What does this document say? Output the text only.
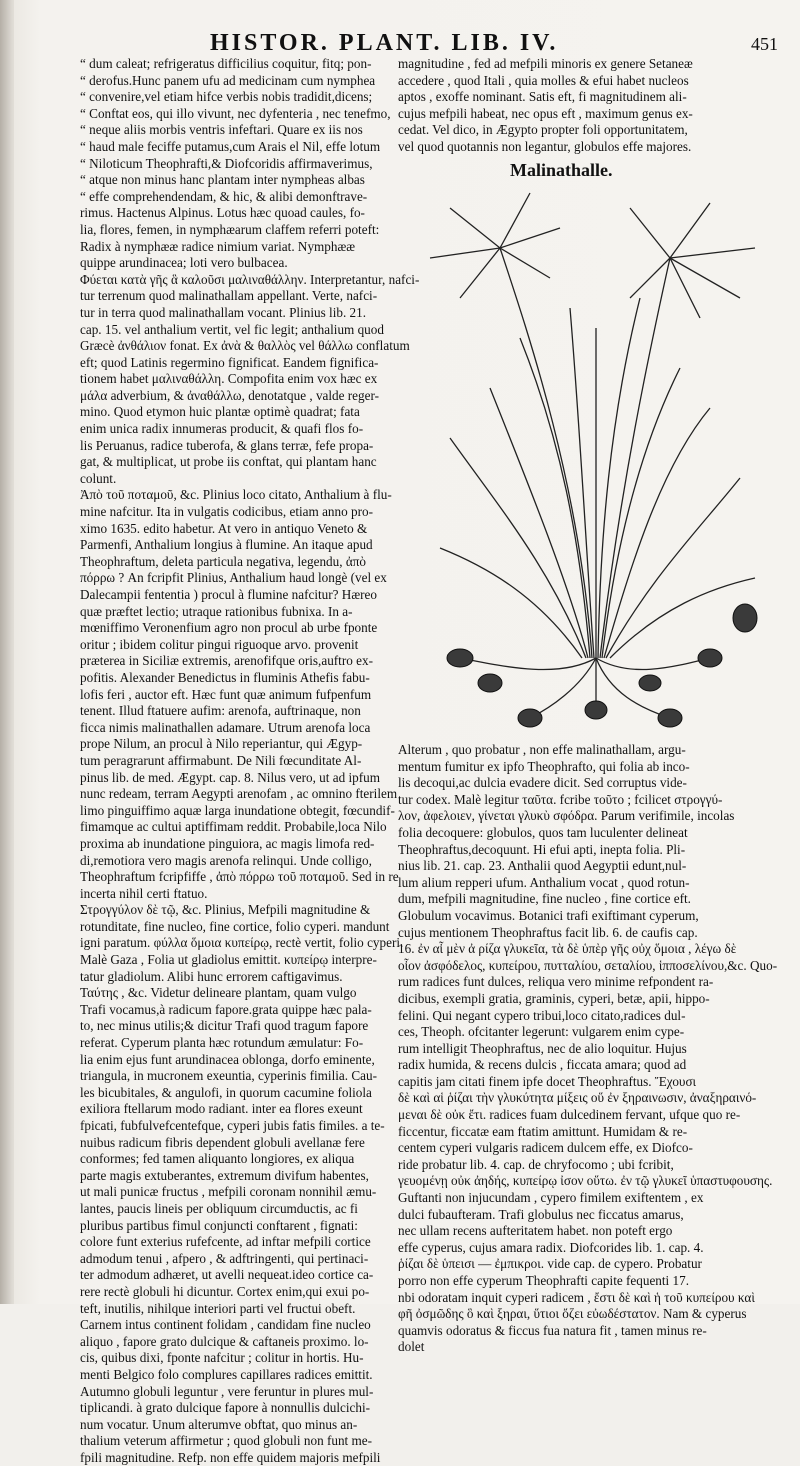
HISTOR. PLANT. LIB. IV.	451
“ dum caleat; refrigeratus difficilius coquitur, fitq; pon-
“ derofus.Hunc panem ufu ad medicinam cum nymphea
“ convenire,vel etiam hifce verbis nobis tradidit,dicens;
“ Conftat eos, qui illo vivunt, nec dyfenteria , nec tenefmo,
“ neque aliis morbis ventris infeftari. Quare ex iis nos
“ haud male feciffe putamus,cum Arais el Nil, effe lotum
“ Niloticum Theophrafti,& Diofcoridis affirmaverimus,
“ atque non minus hanc plantam inter nympheas albas
“ effe comprehendendam, & hic, & alibi demonftrave-
rimus. Hactenus Alpinus. Lotus hæc quoad caules, fo-
lia, flores, femen, in nymphæarum claffem referri poteft:
Radix à nymphææ radice nimium variat. Nymphææ
quippe arundinacea; loti vero bulbacea.
Φύεται κατὰ γῆς ἃ καλοῦσι μαλιναθάλλην. Interpretantur, nafci-
tur terrenum quod malinathallam appellant. Verte, nafci-
tur in terra quod malinathallam vocant. Plinius lib. 21.
cap. 15. vel anthalium vertit, vel fic legit; anthalium quod
Græcè ἀνθάλιον fonat. Ex ἀνὰ & θαλλὸς vel θάλλω conflatum
eft; quod Latinis regermino fignificat. Eandem fignifica-
tionem habet μαλιναθάλλη. Compofita enim vox hæc ex
μάλα adverbium, & ἀναθάλλω, denotatque , valde reger-
mino. Quod etymon huic plantæ optimè quadrat; fata
enim unica radix innumeras producit, & quafi flos fo-
lis Peruanus, radice tuberofa, & glans terræ, fefe propa-
gat, & multiplicat, ut probe iis conftat, qui plantam hanc
colunt.
Ἀπὸ τοῦ ποταμοῦ, &c. Plinius loco citato, Anthalium à flu-
mine nafcitur. Ita in vulgatis codicibus, etiam anno pro-
ximo 1635. edito habetur. At vero in antiquo Veneto &
Parmenfi, Anthalium longius à flumine. An itaque apud
Theophraftum, deleta particula negativa, legendu, ἀπὸ
πόρρω ? An fcripfit Plinius, Anthalium haud longè (vel ex
Dalecampii fententia ) procul à flumine nafcitur? Hæreo
quæ præftet lectio; utraque rationibus fubnixa. In a-
mœniffimo Veronenfium agro non procul ab urbe fponte
oritur ; ibidem colitur pingui riguoque arvo. provenit
præterea in Siciliæ extremis, arenofifque oris,auftro ex-
pofitis. Alexander Benedictus in fluminis Athefis fabu-
lofis feri , auctor eft. Hæc funt quæ animum fufpenfum
tenent. Illud ftatuere aufim: arenofa, auftrinaque, non
ficca nimis malinathallen adamare. Utrum arenofa loca
prope Nilum, an procul à Nilo reperiantur, qui Ægyp-
tum peragrarunt affirmabunt. De Nili fœcunditate Al-
pinus lib. de med. Ægypt. cap. 8. Nilus vero, ut ad ipfum
nunc redeam, terram Aegypti arenofam , ac omnino fterilem
limo pinguiffimo aquæ larga inundatione obtegit, fœcundif-
fimamque ac cultui aptiffimam reddit. Probabile,loca Nilo
proxima ab inundatione pinguiora, ac magis limofa red-
di,remotiora vero magis arenofa relinqui. Unde colligo,
Theophraftum fcripfiffe , ἀπὸ πόρρω τοῦ ποταμοῦ. Sed in re
incerta nihil certi ftatuo.
Στρογγύλον δὲ τῷ, &c. Plinius, Mefpili magnitudine &
rotunditate, fine nucleo, fine cortice, folio cyperi. mandunt
igni paratum. φύλλα ὅμοια κυπείρῳ, rectè vertit, folio cyperi.
Malè Gaza , Folia ut gladiolus emittit. κυπείρῳ interpre-
tatur gladiolum. Alibi hunc errorem caftigavimus.
Ταύτης , &c. Videtur delineare plantam, quam vulgo
Trafi vocamus,à radicum fapore.grata quippe hæc pala-
to, nec minus utilis;& dicitur Trafi quod tragum fapore
referat. Cyperum planta hæc rotundum æmulatur: Fo-
lia enim ejus funt arundinacea oblonga, dorfo eminente,
triangula, in mucronem exeuntia, cyperinis fimilia. Cau-
les bicubitales, & angulofi, in quorum cacumine foliola
exiliora ftellarum modo radiant. inter ea flores exeunt
fpicati, fubfulvefcentefque, cyperi jubis fatis fimiles. a te-
nuibus radicum fibris dependent globuli avellanæ fere
conformes; fed tamen aliquanto longiores, ex aliqua
parte magis extuberantes, extremum divifum habentes,
ut mali punicæ fructus , mefpili coronam nonnihil æmu-
lantes, paucis lineis per obliquum circumductis, ac fi
pluribus partibus fimul conjuncti conftarent , fignati:
colore funt exterius rufefcente, ad inftar mefpili cortice
admodum tenui , afpero , & adftringenti, qui pertinaci-
ter admodum adhæret, ut avelli nequeat.ideo cortice ca-
rere rectè globuli hi dicuntur. Cortex enim,qui exui po-
teft, inutilis, nihilque interiori parti vel fructui obeft.
Carnem intus continent folidam , candidam fine nucleo
aliquo , fapore grato dulcique & caftaneis proximo. lo-
cis, quibus dixi, fponte nafcitur ; colitur in hortis. Hu-
menti Belgico folo complures capillares radices emittit.
Autumno globuli leguntur , vere feruntur in plures mul-
tiplicandi. à grato dulcique fapore à nonnullis dulcichi-
num vocatur. Unum alterumve obftat, quo minus an-
thalium veterum affirmetur ; quod globuli non funt me-
fpili magnitudine. Refp. non effe quidem majoris mefpili
magnitudine , fed ad mefpili minoris ex genere Setaneæ
accedere , quod Itali , quia molles & efui habet nucleos
aptos , exoffe nominant. Satis eft, fi magnitudinem ali-
cujus mefpili habeat, nec opus eft , maximum genus ex-
cedat. Vel dico, in Ægypto propter foli opportunitatem,
vel quod quotannis non legantur, globulos effe majores.
Malinathalle.
Alterum , quo probatur , non effe malinathallam, argu-
mentum fumitur ex ipfo Theophrafto, qui folia ab inco-
lis decoqui,ac dulcia evadere dicit. Sed corruptus vide-
tur codex. Malè legitur ταῦτα. fcribe τοῦτο ; fcilicet στρογγύ-
λον, ἀφελοιεν, γίνεται γλυκὺ σφόδρα. Parum verifimile, incolas
folia decoquere: globulos, quos tam luculenter delineat
Theophraftus,decoquunt. Hi efui apti, inepta folia. Pli-
nius lib. 21. cap. 23. Anthalii quod Aegyptii edunt,nul-
lum alium repperi ufum. Anthalium vocat , quod rotun-
dum, mefpili magnitudine, fine nucleo , fine cortice eft.
Globulum vocavimus. Botanici trafi exiftimant cyperum,
cujus mentionem Theophraftus facit lib. 6. de caufis cap.
16. ἐν αἷ μὲν ἀ ρίζα γλυκεῖα, τὰ δὲ ὑπὲρ γῆς οὐχ ὅμοια , λέγω δὲ
οἷον ἀσφόδελος, κυπείρου, πυτταλίου, σεταλίου, ἱπποσελίνου,&c. Quo-
rum radices funt dulces, reliqua vero minime refpondent ra-
dicibus, exempli gratia, graminis, cyperi, betæ, apii, hippo-
felini. Qui negant cypero tribui,loco citato,radices dul-
ces, Theoph. ofcitanter legerunt: vulgarem enim cype-
rum intelligit Theophraftus, nec de alio loquitur. Hujus
radix humida, & recens dulcis , ficcata amara; quod ad
capitis jam citati finem ipfe docet Theophraftus. Ἔχουσι
δὲ καὶ αἱ ῥίζαι τὴν γλυκύτητα μίξεις οὕ ἐν ξηραινωσιν, ἀναξηραινό-
μεναι δὲ οὐκ ἔτι. radices fuam dulcedinem fervant, ufque quo re-
ficcentur, ficcatæ eam ftatim amittunt. Humidam & re-
centem cyperi vulgaris radicem dulcem effe, ex Diofco-
ride probatur lib. 4. cap. de chryfocomo ; ubi fcribit,
γευομένῃ οὐκ ἀηδής, κυπείρῳ ἰσον οὕτω. ἐν τῷ γλυκεῖ ὑπαστυφουσης.
Guftanti non injucundam , cypero fimilem exiftentem , ex
dulci fubaufteram. Trafi globulus nec ficcatus amarus,
nec ullam recens aufteritatem habet. non poteft ergo
effe cyperus, cujus amara radix. Diofcorides lib. 1. cap. 4.
ῥίζαι δὲ ὑπεισι — ἐμπικροι. vide cap. de cypero. Probatur
porro non effe cyperum Theophrafti capite fequenti 17.
nbi odoratam inquit cyperi radicem , ἔστι δὲ καὶ ἡ τοῦ κυπείρου καὶ
φῆ ὀσμῶδης ὃ καὶ ξηραι, ὕτιοι ὄζει εὐωδέστατον. Nam & cyperus
quamvis odoratus & ficcus fua natura fit , tamen minus re-
dolet
